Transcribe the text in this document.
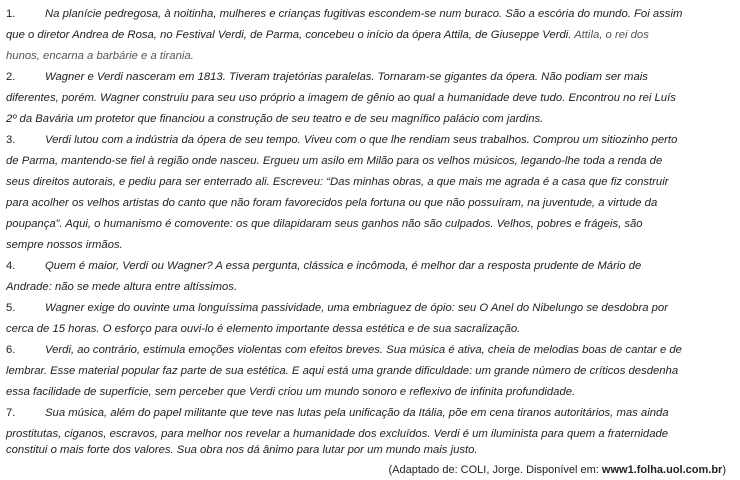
1.	Na planície pedregosa, à noitinha, mulheres e crianças fugitivas escondem-se num buraco. São a escória do mundo. Foi assim
que o diretor Andrea de Rosa, no Festival Verdi, de Parma, concebeu o início da ópera Attila, de Giuseppe Verdi. Attila, o rei dos
hunos, encarna a barbárie e a tirania.
2.	Wagner e Verdi nasceram em 1813. Tiveram trajetórias paralelas. Tornaram-se gigantes da ópera. Não podiam ser mais
diferentes, porém. Wagner construiu para seu uso próprio a imagem de gênio ao qual a humanidade deve tudo. Encontrou no rei Luís
2º da Bavária um protetor que financiou a construção de seu teatro e de seu magnífico palácio com jardins.
3.	Verdi lutou com a indústria da ópera de seu tempo. Viveu com o que lhe rendiam seus trabalhos. Comprou um sitiozinho perto
de Parma, mantendo-se fiel à região onde nasceu. Ergueu um asilo em Milão para os velhos músicos, legando-lhe toda a renda de
seus direitos autorais, e pediu para ser enterrado ali. Escreveu: “Das minhas obras, a que mais me agrada é a casa que fiz construir
para acolher os velhos artistas do canto que não foram favorecidos pela fortuna ou que não possuíram, na juventude, a virtude da
poupança”. Aqui, o humanismo é comovente: os que dilapidaram seus ganhos não são culpados. Velhos, pobres e frágeis, são
sempre nossos irmãos.
4.	Quem é maior, Verdi ou Wagner? A essa pergunta, clássica e incômoda, é melhor dar a resposta prudente de Mário de
Andrade: não se mede altura entre altíssimos.
5.	Wagner exige do ouvinte uma longuíssima passividade, uma embriaguez de ópio: seu O Anel do Nibelungo se desdobra por
cerca de 15 horas. O esforço para ouvi-lo é elemento importante dessa estética e de sua sacralização.
6.	Verdi, ao contrário, estimula emoções violentas com efeitos breves. Sua música é ativa, cheia de melodias boas de cantar e de
lembrar. Esse material popular faz parte de sua estética. E aqui está uma grande dificuldade: um grande número de críticos desdenha
essa facilidade de superfície, sem perceber que Verdi criou um mundo sonoro e reflexivo de infinita profundidade.
7.	Sua música, além do papel militante que teve nas lutas pela unificação da Itália, põe em cena tiranos autoritários, mas ainda
prostitutas, ciganos, escravos, para melhor nos revelar a humanidade dos excluídos. Verdi é um iluminista para quem a fraternidade
constitui o mais forte dos valores. Sua obra nos dá ânimo para lutar por um mundo mais justo.
(Adaptado de: COLI, Jorge. Disponível em: www1.folha.uol.com.br)
